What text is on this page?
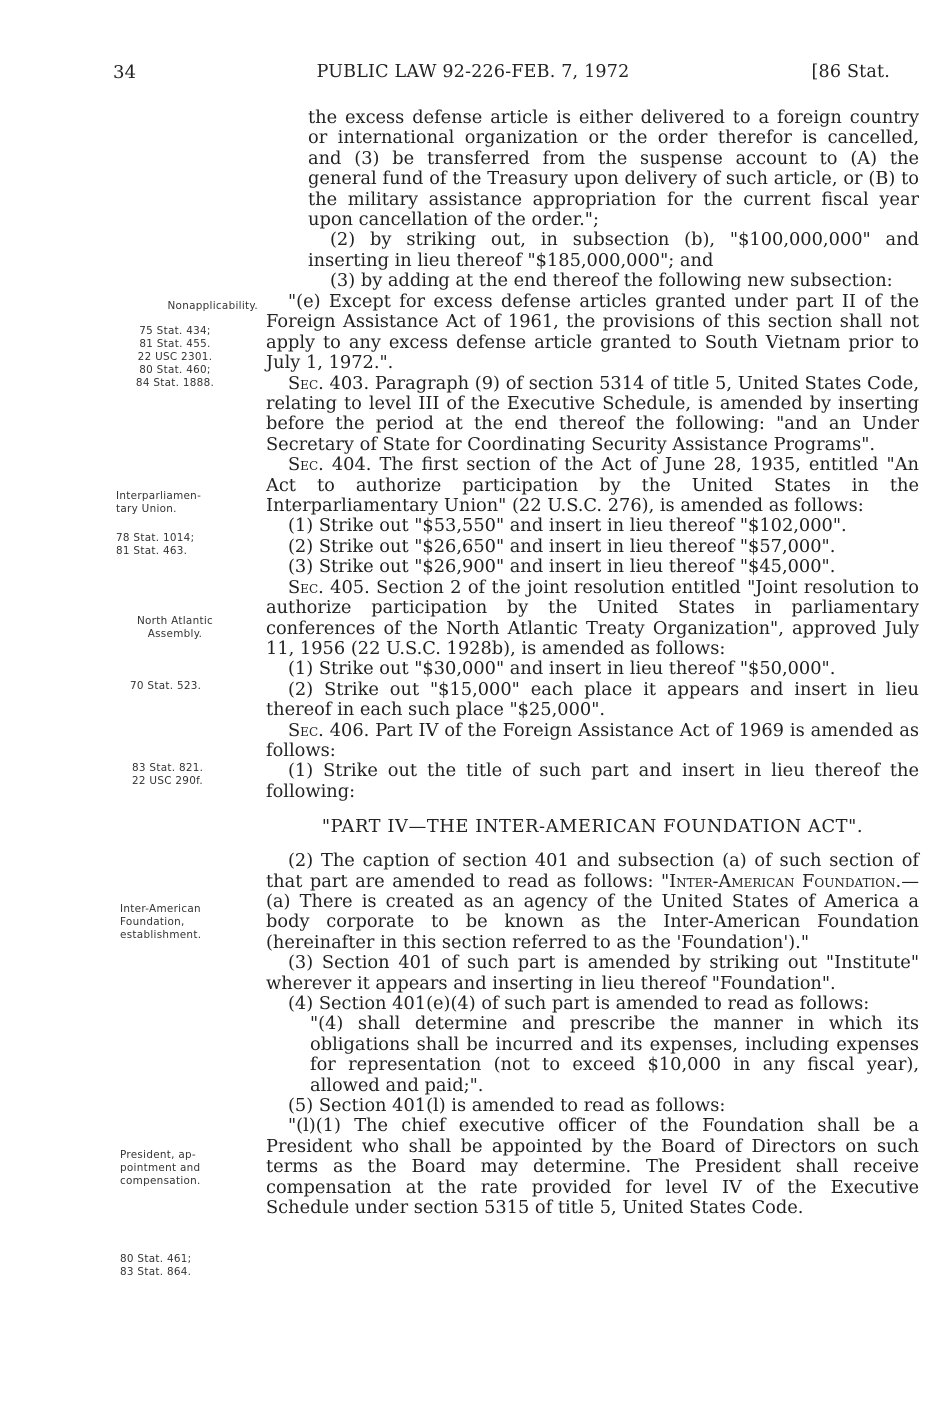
34	PUBLIC LAW 92-226-FEB. 7, 1972	[86 Stat.
Nonapplicability.
75 Stat. 434;
81 Stat. 455.
22 USC 2301.
80 Stat. 460;
84 Stat. 1888.
Interparliamen-
tary Union.
78 Stat. 1014;
81 Stat. 463.
North Atlantic
Assembly.
70 Stat. 523.
83 Stat. 821.
22 USC 290f.
Inter-American
Foundation,
establishment.
President, ap-
pointment and
compensation.
80 Stat. 461;
83 Stat. 864.

the excess defense article is either delivered to a foreign country or international organization or the order therefor is cancelled, and (3) be transferred from the suspense account to (A) the general fund of the Treasury upon delivery of such article, or (B) to the military assistance appropriation for the current fiscal year upon cancellation of the order.";

(2) by striking out, in subsection (b), "$100,000,000" and inserting in lieu thereof "$185,000,000"; and

(3) by adding at the end thereof the following new subsection:

"(e) Except for excess defense articles granted under part II of the Foreign Assistance Act of 1961, the provisions of this section shall not apply to any excess defense article granted to South Vietnam prior to July 1, 1972.".

Sec. 403. Paragraph (9) of section 5314 of title 5, United States Code, relating to level III of the Executive Schedule, is amended by inserting before the period at the end thereof the following: "and an Under Secretary of State for Coordinating Security Assistance Programs".

Sec. 404. The first section of the Act of June 28, 1935, entitled "An Act to authorize participation by the United States in the Interparliamentary Union" (22 U.S.C. 276), is amended as follows:

(1) Strike out "$53,550" and insert in lieu thereof "$102,000".

(2) Strike out "$26,650" and insert in lieu thereof "$57,000".

(3) Strike out "$26,900" and insert in lieu thereof "$45,000".

Sec. 405. Section 2 of the joint resolution entitled "Joint resolution to authorize participation by the United States in parliamentary conferences of the North Atlantic Treaty Organization", approved July 11, 1956 (22 U.S.C. 1928b), is amended as follows:

(1) Strike out "$30,000" and insert in lieu thereof "$50,000".

(2) Strike out "$15,000" each place it appears and insert in lieu thereof in each such place "$25,000".

Sec. 406. Part IV of the Foreign Assistance Act of 1969 is amended as follows:

(1) Strike out the title of such part and insert in lieu thereof the following:

"PART IV—THE INTER-AMERICAN FOUNDATION ACT".

(2) The caption of section 401 and subsection (a) of such section of that part are amended to read as follows: "Inter-American Foundation.—(a) There is created as an agency of the United States of America a body corporate to be known as the Inter-American Foundation (hereinafter in this section referred to as the 'Foundation')."

(3) Section 401 of such part is amended by striking out "Institute" wherever it appears and inserting in lieu thereof "Foundation".

(4) Section 401(e)(4) of such part is amended to read as follows:

"(4) shall determine and prescribe the manner in which its obligations shall be incurred and its expenses, including expenses for representation (not to exceed $10,000 in any fiscal year), allowed and paid;".

(5) Section 401(l) is amended to read as follows:

"(l)(1) The chief executive officer of the Foundation shall be a President who shall be appointed by the Board of Directors on such terms as the Board may determine. The President shall receive compensation at the rate provided for level IV of the Executive Schedule under section 5315 of title 5, United States Code.
